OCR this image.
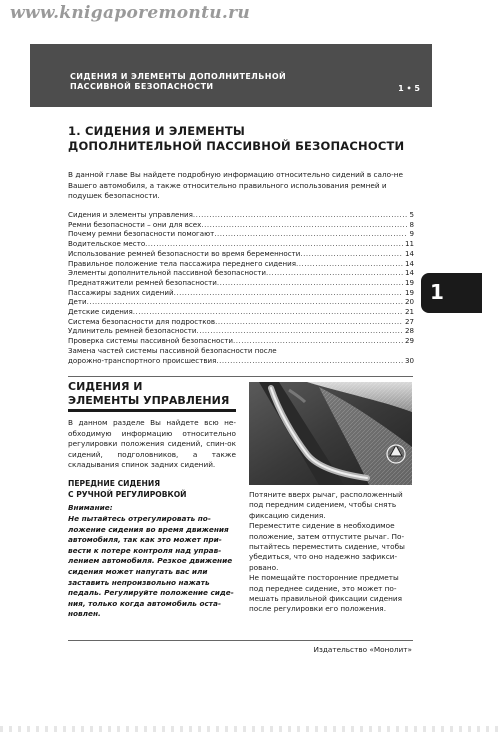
www.knigaporemontu.ru
СИДЕНИЯ И ЭЛЕМЕНТЫ ДОПОЛНИТЕЛЬНОЙ
ПАССИВНОЙ БЕЗОПАСНОСТИ	1 • 5
1. СИДЕНИЯ И ЭЛЕМЕНТЫ
ДОПОЛНИТЕЛЬНОЙ ПАССИВНОЙ БЕЗОПАСНОСТИ
В данной главе Вы найдете подробную информацию относительно сидений в сало-не Вашего автомобиля, а также относительно правильного использования ремней и подушек безопасности.
Сидения и элементы управления .....	5
Ремни безопасности – они для всех .....	8
Почему ремни безопасности помогают .....	9
Водительское место .....	11
Использование ремней безопасности во время беременности .....	14
Правильное положение тела пассажира переднего сидения .....	14
Элементы дополнительной пассивной безопасности .....	14
Преднатяжители ремней безопасности .....	19
Пассажиры задних сидений .....	19
Дети .....	20
Детские сидения .....	21
Система безопасности для подростков .....	27
Удлинитель ремней безопасности .....	28
Проверка системы пассивной безопасности .....	29
Замена частей системы пассивной безопасности после
дорожно-транспортного происшествия .....	30
1
СИДЕНИЯ И
ЭЛЕМЕНТЫ УПРАВЛЕНИЯ
В данном разделе Вы найдете всю не-обходимую информацию относительно регулировки положения сидений, спин-ок сидений, подголовников, а также складывания спинок задних сидений.
ПЕРЕДНИЕ СИДЕНИЯ
С РУЧНОЙ РЕГУЛИРОВКОЙ
Внимание:
Не пытайтесь отрегулировать по-ложение сидения во время движения автомобиля, так как это может при-вести к потере контроля над управ-лением автомобиля. Резкое движение сидения может напугать вас или заставить непроизвольно нажать педаль. Регулируйте положение сиде-ния, только когда автомобиль оста-новлен.
Потяните вверх рычаг, расположенный под передним сидением, чтобы снять фиксацию сидения.
Переместите сидение в необходимое положение, затем отпустите рычаг. По-пытайтесь переместить сидение, чтобы убедиться, что оно надежно зафикси-ровано.
Не помещайте посторонние предметы под переднее сидение, это может по-мешать правильной фиксации сидения после регулировки его положения.
Издательство «Монолит»
